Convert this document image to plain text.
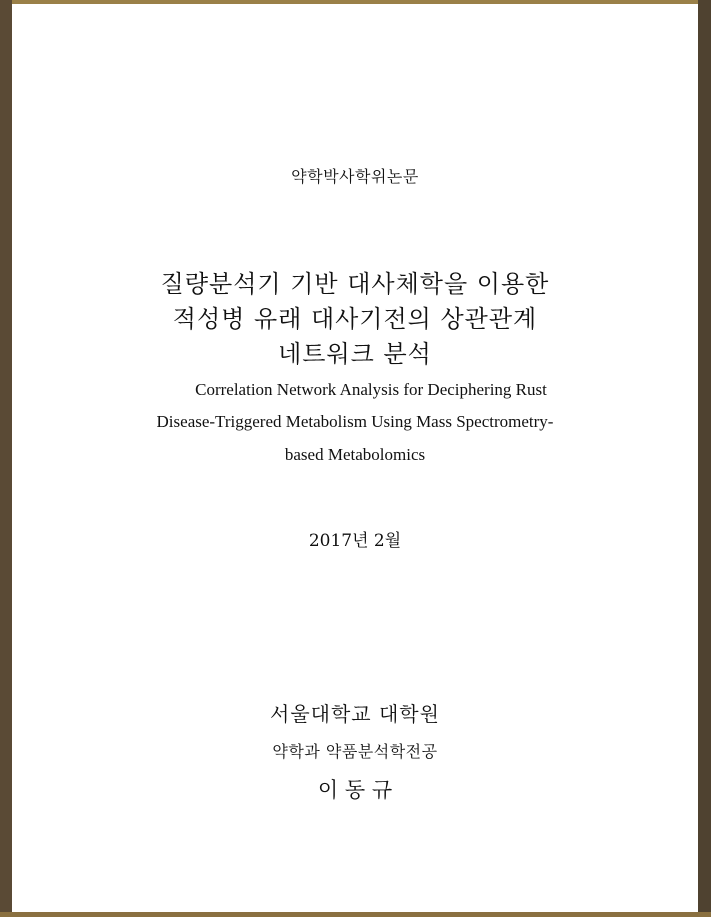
약학박사학위논문
질량분석기 기반 대사체학을 이용한
적성병 유래 대사기전의 상관관계
네트워크 분석
Correlation Network Analysis for Deciphering Rust
Disease-Triggered Metabolism Using Mass Spectrometry-
based Metabolomics
2017년 2월
서울대학교 대학원
약학과 약품분석학전공
이 동 규
